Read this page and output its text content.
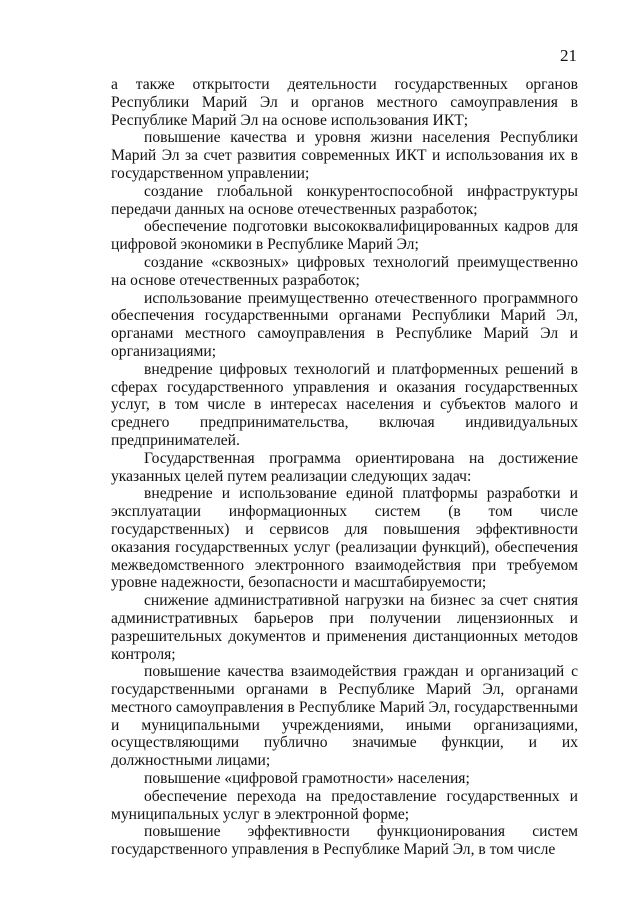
21

а также открытости деятельности государственных органов Республики Марий Эл и органов местного самоуправления в Республике Марий Эл на основе использования ИКТ;

повышение качества и уровня жизни населения Республики Марий Эл за счет развития современных ИКТ и использования их в государственном управлении;

создание глобальной конкурентоспособной инфраструктуры передачи данных на основе отечественных разработок;

обеспечение подготовки высококвалифицированных кадров для цифровой экономики в Республике Марий Эл;

создание «сквозных» цифровых технологий преимущественно на основе отечественных разработок;

использование преимущественно отечественного программного обеспечения государственными органами Республики Марий Эл, органами местного самоуправления в Республике Марий Эл и организациями;

внедрение цифровых технологий и платформенных решений в сферах государственного управления и оказания государственных услуг, в том числе в интересах населения и субъектов малого и среднего предпринимательства, включая индивидуальных предпринимателей.

Государственная программа ориентирована на достижение указанных целей путем реализации следующих задач:

внедрение и использование единой платформы разработки и эксплуатации информационных систем (в том числе государственных) и сервисов для повышения эффективности оказания государственных услуг (реализации функций), обеспечения межведомственного электронного взаимодействия при требуемом уровне надежности, безопасности и масштабируемости;

снижение административной нагрузки на бизнес за счет снятия административных барьеров при получении лицензионных и разрешительных документов и применения дистанционных методов контроля;

повышение качества взаимодействия граждан и организаций с государственными органами в Республике Марий Эл, органами местного самоуправления в Республике Марий Эл, государственными и муниципальными учреждениями, иными организациями, осуществляющими публично значимые функции, и их должностными лицами;

повышение «цифровой грамотности» населения;

обеспечение перехода на предоставление государственных и муниципальных услуг в электронной форме;

повышение эффективности функционирования систем государственного управления в Республике Марий Эл, в том числе
